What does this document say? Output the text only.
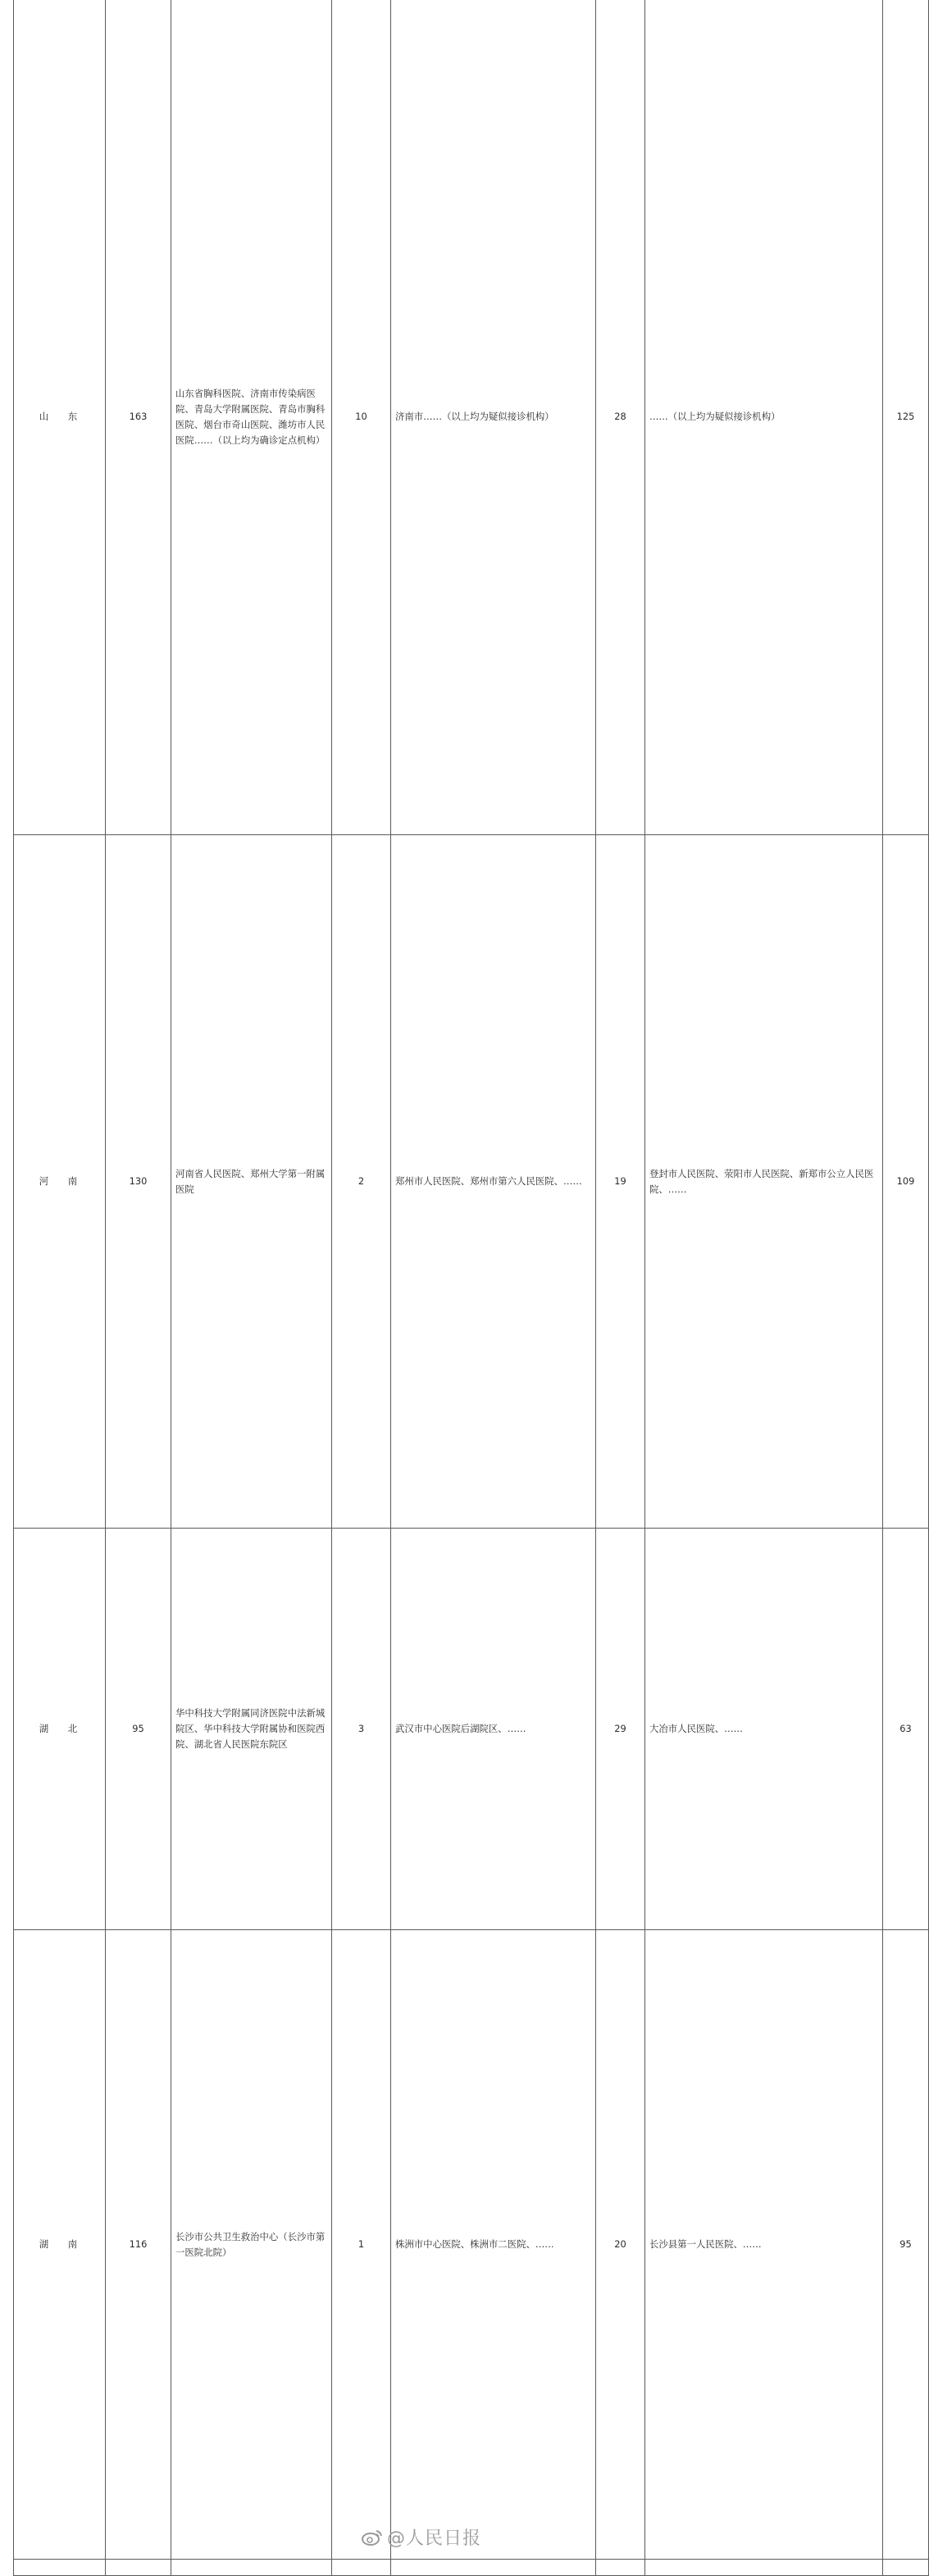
山 东	163	山东省胸科医院、济南市传染病医院、青岛大学附属医院、青岛市胸科医院、烟台市奇山医院、潍坊市人民医院……（以上均为确诊定点机构）	10	济南市……（以上均为疑似接诊机构）	28	……（以上均为疑似接诊机构）	125
河 南	130	河南省人民医院、郑州大学第一附属医院	2	郑州市人民医院、郑州市第六人民医院、……	19	登封市人民医院、荥阳市人民医院、新郑市公立人民医院、……	109
湖 北	95	华中科技大学附属同济医院中法新城院区、华中科技大学附属协和医院西院、湖北省人民医院东院区	3	武汉市中心医院后湖院区、……	29	大冶市人民医院、……	63
湖 南	116	长沙市公共卫生救治中心（长沙市第一医院北院）	1	株洲市中心医院、株洲市二医院、……	20	长沙县第一人民医院、……	95

@人民日报
